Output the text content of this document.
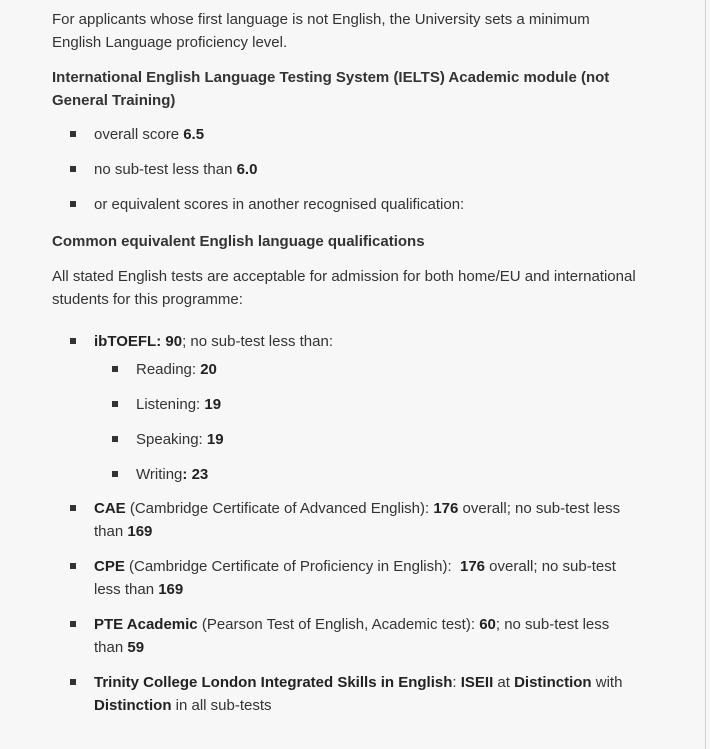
For applicants whose first language is not English, the University sets a minimum English Language proficiency level.

International English Language Testing System (IELTS) Academic module (not General Training)
overall score 6.5
no sub-test less than 6.0
or equivalent scores in another recognised qualification:
Common equivalent English language qualifications

All stated English tests are acceptable for admission for both home/EU and international students for this programme:

ibTOEFL: 90; no sub-test less than:
Reading: 20
Listening: 19
Speaking: 19
Writing: 23
CAE (Cambridge Certificate of Advanced English): 176 overall; no sub-test less than 169
CPE (Cambridge Certificate of Proficiency in English):  176 overall; no sub-test less than 169
PTE Academic (Pearson Test of English, Academic test): 60; no sub-test less than 59
Trinity College London Integrated Skills in English: ISEII at Distinction with Distinction in all sub-tests
